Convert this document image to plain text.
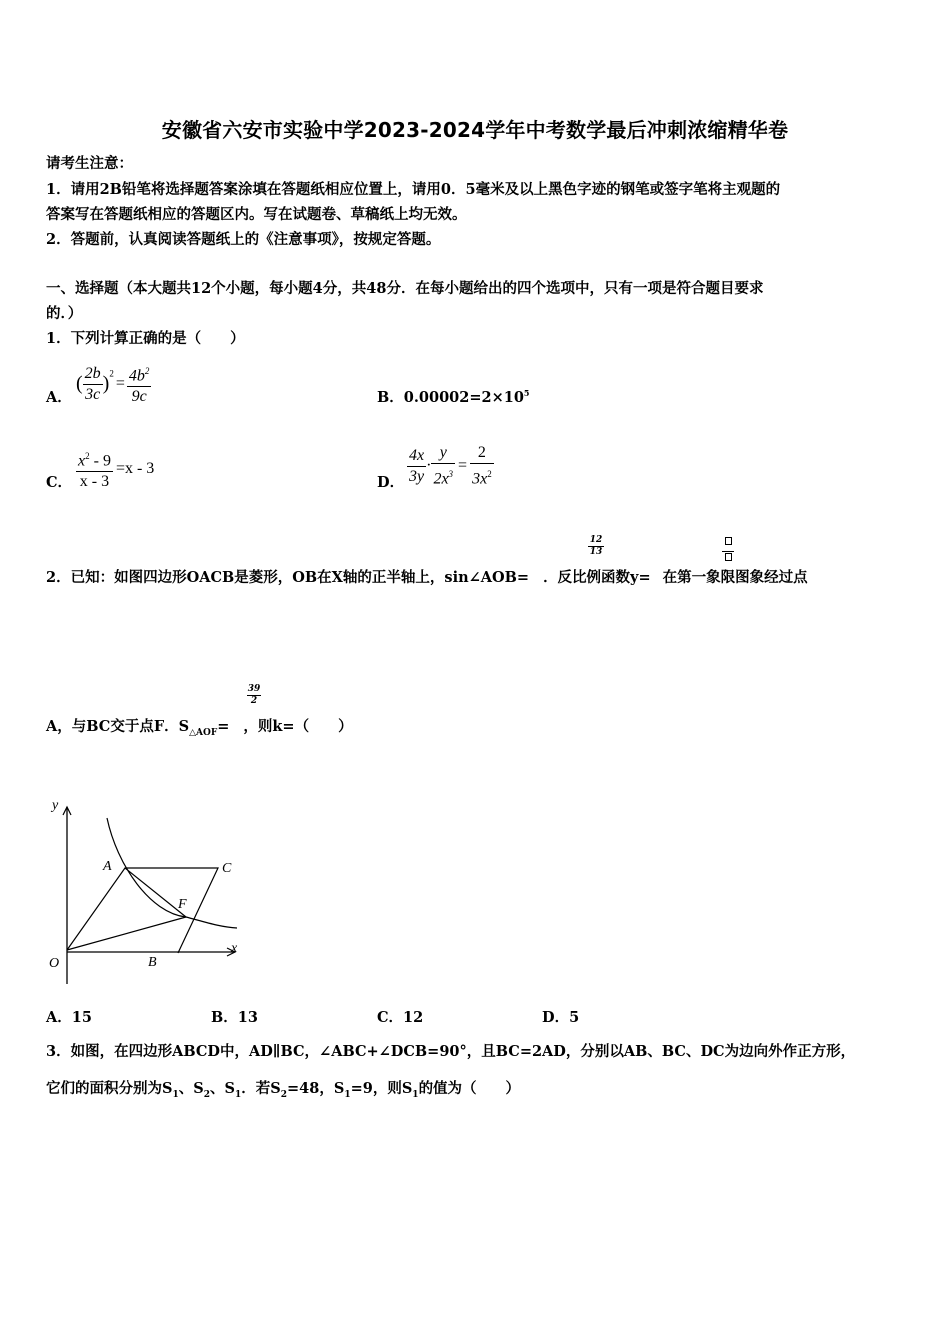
安徽省六安市实验中学2023-2024学年中考数学最后冲刺浓缩精华卷
请考生注意：
1．请用2B铅笔将选择题答案涂填在答题纸相应位置上，请用0．5毫米及以上黑色字迹的钢笔或签字笔将主观题的
答案写在答题纸相应的答题区内。写在试题卷、草稿纸上均无效。
2．答题前，认真阅读答题纸上的《注意事项》，按规定答题。
一、选择题（本大题共12个小题，每小题4分，共48分．在每小题给出的四个选项中，只有一项是符合题目要求
的．）
1．下列计算正确的是（　　）
A．
( $\frac{2b}{3c} )^2= \frac{4b^2}{9c}$	B．$0.00002=2\times 10^5$
C． $\frac{x^2 - 9}{x - 3} =x - 3$
D． $\frac{4x}{3y} \cdot \frac{y}{2x^3} = \frac{2}{3x^2}$
$\frac{12}{13}$
2．已知：如图四边形OACB是菱形，OB在X轴的正半轴上，sin∠AOB= ．反比例函数y= 在第一象限图象经过点
$\frac{39}{2}$
A，与BC交于点F．$S_{\triangle AOF}=$ ，则k=（　　）
y
x
O
A	C
F
B
A．15	B．13	C．12	D．5
3．如图，在四边形ABCD中，AD∥BC，∠ABC+∠DCB=90°，且BC=2AD，分别以AB、BC、DC为边向外作正方形，
它们的面积分别为$S_1$、$S_2$、$S_1$．若$S_2=48$，$S_1=9$，则$S_1$的值为（　　）
